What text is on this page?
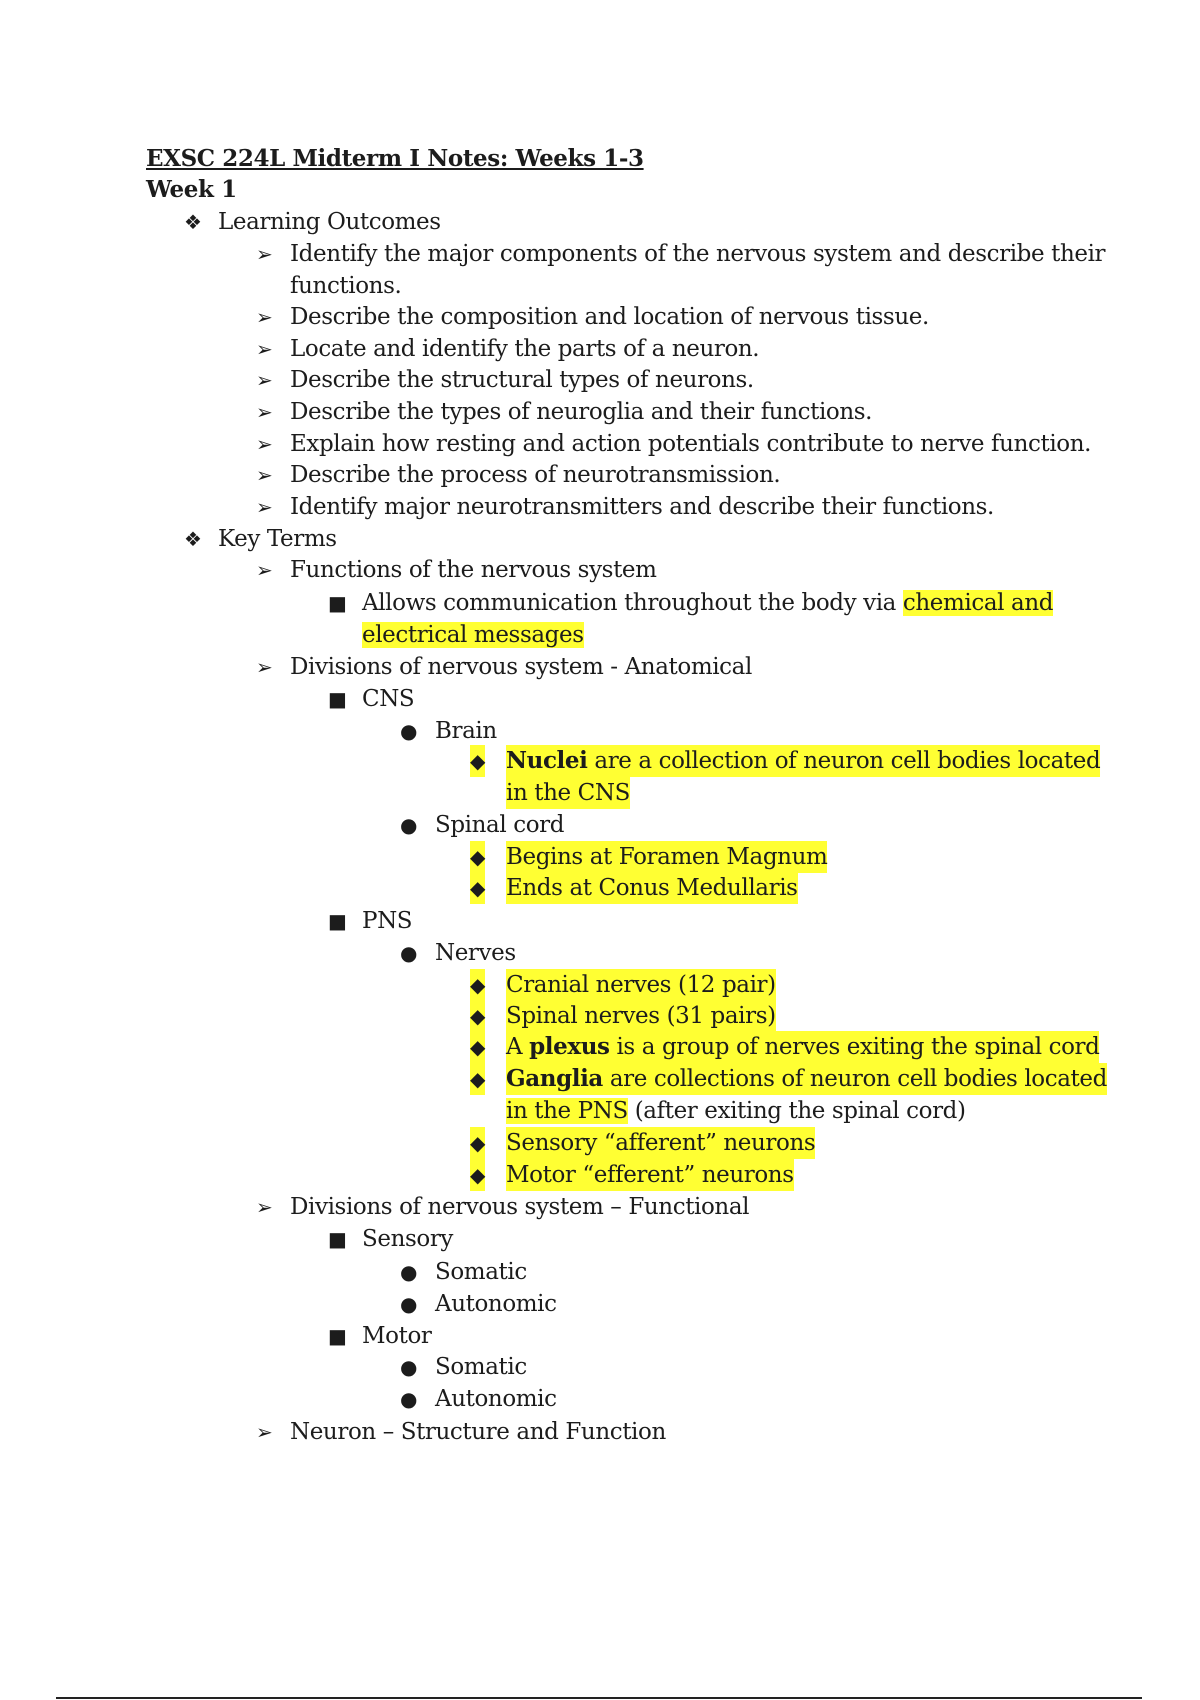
EXSC 224L Midterm I Notes: Weeks 1-3
Week 1
❖ Learning Outcomes
➢ Identify the major components of the nervous system and describe their
functions.
➢ Describe the composition and location of nervous tissue.
➢ Locate and identify the parts of a neuron.
➢ Describe the structural types of neurons.
➢ Describe the types of neuroglia and their functions.
➢ Explain how resting and action potentials contribute to nerve function.
➢ Describe the process of neurotransmission.
➢ Identify major neurotransmitters and describe their functions.
❖ Key Terms
➢ Functions of the nervous system
■ Allows communication throughout the body via chemical and
electrical messages
➢ Divisions of nervous system - Anatomical
■ CNS
● Brain
◆ Nuclei are a collection of neuron cell bodies located
in the CNS
● Spinal cord
◆ Begins at Foramen Magnum
◆ Ends at Conus Medullaris
■ PNS
● Nerves
◆ Cranial nerves (12 pair)
◆ Spinal nerves (31 pairs)
◆ A plexus is a group of nerves exiting the spinal cord
◆ Ganglia are collections of neuron cell bodies located
in the PNS (after exiting the spinal cord)
◆ Sensory “afferent” neurons
◆ Motor “efferent” neurons
➢ Divisions of nervous system – Functional
■ Sensory
● Somatic
● Autonomic
■ Motor
● Somatic
● Autonomic
➢ Neuron – Structure and Function
